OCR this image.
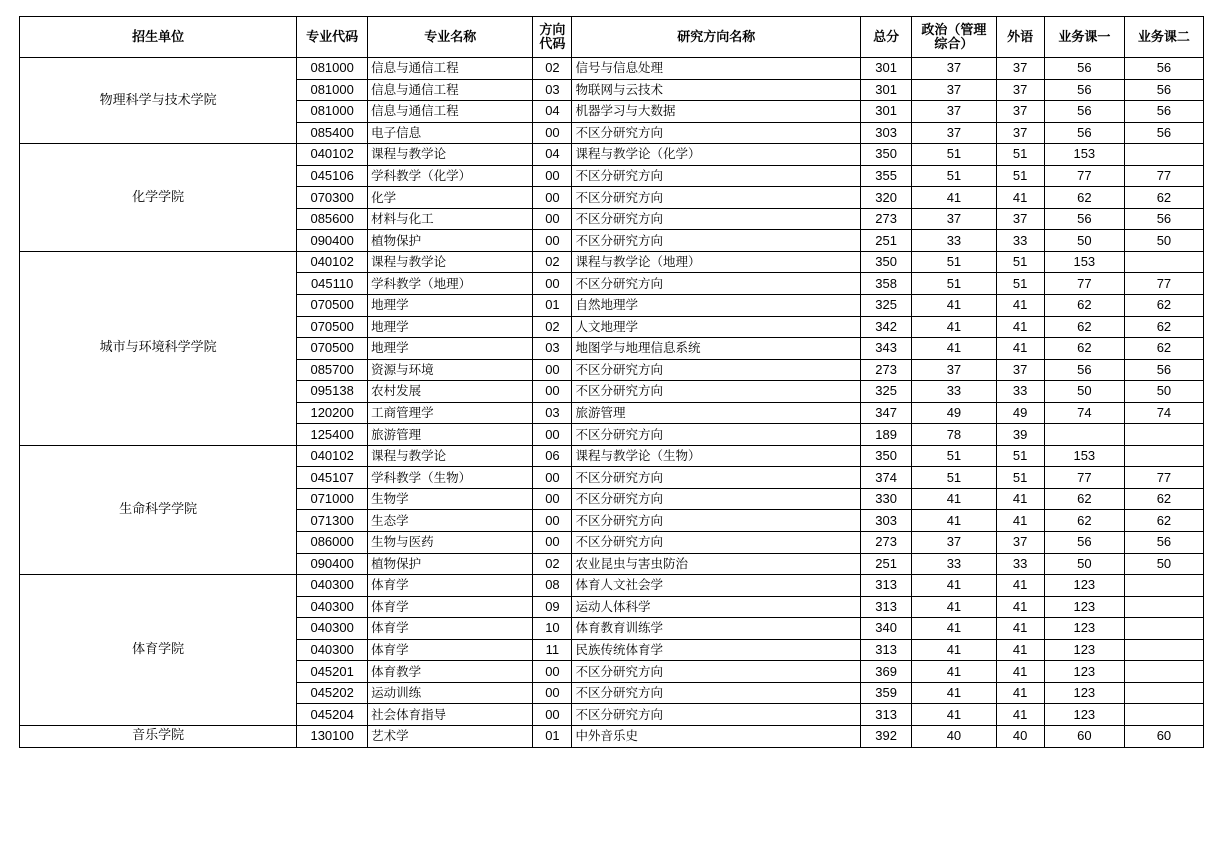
招生单位	专业代码	专业名称	方向代码	研究方向名称	总分	政治（管理综合）	外语	业务课一	业务课二
物理科学与技术学院	081000	信息与通信工程	02	信号与信息处理	301	37	37	56	56
	081000	信息与通信工程	03	物联网与云技术	301	37	37	56	56
	081000	信息与通信工程	04	机器学习与大数据	301	37	37	56	56
	085400	电子信息	00	不区分研究方向	303	37	37	56	56
化学学院	040102	课程与教学论	04	课程与教学论（化学）	350	51	51	153	
	045106	学科教学（化学）	00	不区分研究方向	355	51	51	77	77
	070300	化学	00	不区分研究方向	320	41	41	62	62
	085600	材料与化工	00	不区分研究方向	273	37	37	56	56
	090400	植物保护	00	不区分研究方向	251	33	33	50	50
城市与环境科学学院	040102	课程与教学论	02	课程与教学论（地理）	350	51	51	153	
	045110	学科教学（地理）	00	不区分研究方向	358	51	51	77	77
	070500	地理学	01	自然地理学	325	41	41	62	62
	070500	地理学	02	人文地理学	342	41	41	62	62
	070500	地理学	03	地图学与地理信息系统	343	41	41	62	62
	085700	资源与环境	00	不区分研究方向	273	37	37	56	56
	095138	农村发展	00	不区分研究方向	325	33	33	50	50
	120200	工商管理学	03	旅游管理	347	49	49	74	74
	125400	旅游管理	00	不区分研究方向	189	78	39		
生命科学学院	040102	课程与教学论	06	课程与教学论（生物）	350	51	51	153	
	045107	学科教学（生物）	00	不区分研究方向	374	51	51	77	77
	071000	生物学	00	不区分研究方向	330	41	41	62	62
	071300	生态学	00	不区分研究方向	303	41	41	62	62
	086000	生物与医药	00	不区分研究方向	273	37	37	56	56
	090400	植物保护	02	农业昆虫与害虫防治	251	33	33	50	50
体育学院	040300	体育学	08	体育人文社会学	313	41	41	123	
	040300	体育学	09	运动人体科学	313	41	41	123	
	040300	体育学	10	体育教育训练学	340	41	41	123	
	040300	体育学	11	民族传统体育学	313	41	41	123	
	045201	体育教学	00	不区分研究方向	369	41	41	123	
	045202	运动训练	00	不区分研究方向	359	41	41	123	
	045204	社会体育指导	00	不区分研究方向	313	41	41	123	
音乐学院	130100	艺术学	01	中外音乐史	392	40	40	60	60
